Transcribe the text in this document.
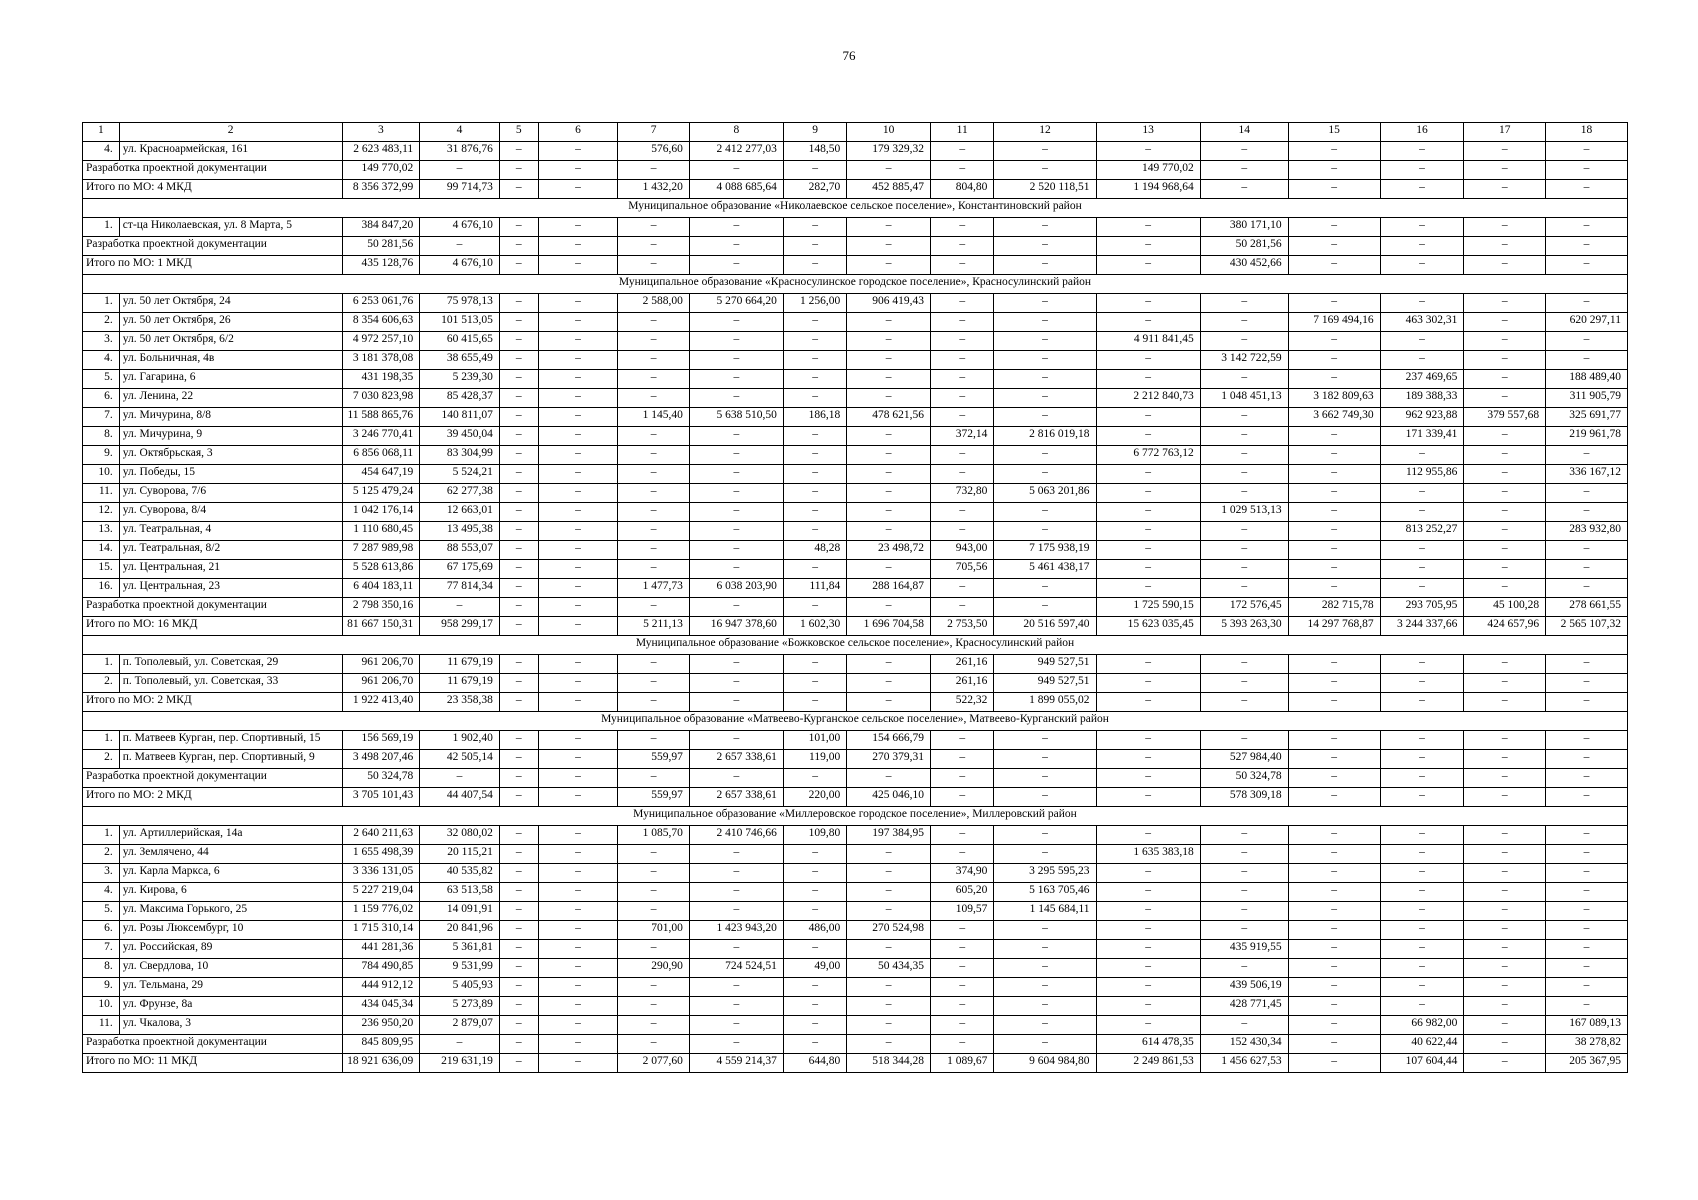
76
1	2	3	4	5	6	7	8	9	10	11	12	13	14	15	16	17	18
4.	ул. Красноармейская, 161	2 623 483,11	31 876,76	–	–	576,60	2 412 277,03	148,50	179 329,32	–	–	–	–	–	–	–	–
Разработка проектной документации		149 770,02	–	–	–	–	–	–	–	–	–	149 770,02	–	–	–	–	–
Итого по МО: 4 МКД		8 356 372,99	99 714,73	–	–	1 432,20	4 088 685,64	282,70	452 885,47	804,80	2 520 118,51	1 194 968,64	–	–	–	–	–
Муниципальное образование «Николаевское сельское поселение», Константиновский район																	
1.	ст-ца Николаевская, ул. 8 Марта, 5	384 847,20	4 676,10	–	–	–	–	–	–	–	–	–	380 171,10	–	–	–	–
Разработка проектной документации		50 281,56	–	–	–	–	–	–	–	–	–	–	50 281,56	–	–	–	–
Итого по МО: 1 МКД		435 128,76	4 676,10	–	–	–	–	–	–	–	–	–	430 452,66	–	–	–	–
Муниципальное образование «Красносулинское городское поселение», Красносулинский район																	
1.	ул. 50 лет Октября, 24	6 253 061,76	75 978,13	–	–	2 588,00	5 270 664,20	1 256,00	906 419,43	–	–	–	–	–	–	–	–
2.	ул. 50 лет Октября, 26	8 354 606,63	101 513,05	–	–	–	–	–	–	–	–	–	–	7 169 494,16	463 302,31	–	620 297,11
3.	ул. 50 лет Октября, 6/2	4 972 257,10	60 415,65	–	–	–	–	–	–	–	–	4 911 841,45	–	–	–	–	–
4.	ул. Больничная, 4в	3 181 378,08	38 655,49	–	–	–	–	–	–	–	–	–	3 142 722,59	–	–	–	–
5.	ул. Гагарина, 6	431 198,35	5 239,30	–	–	–	–	–	–	–	–	–	–	–	237 469,65	–	188 489,40
6.	ул. Ленина, 22	7 030 823,98	85 428,37	–	–	–	–	–	–	–	–	2 212 840,73	1 048 451,13	3 182 809,63	189 388,33	–	311 905,79
7.	ул. Мичурина, 8/8	11 588 865,76	140 811,07	–	–	1 145,40	5 638 510,50	186,18	478 621,56	–	–	–	–	3 662 749,30	962 923,88	379 557,68	325 691,77
8.	ул. Мичурина, 9	3 246 770,41	39 450,04	–	–	–	–	–	–	372,14	2 816 019,18	–	–	–	171 339,41	–	219 961,78
9.	ул. Октябрьская, 3	6 856 068,11	83 304,99	–	–	–	–	–	–	–	–	6 772 763,12	–	–	–	–	–
10.	ул. Победы, 15	454 647,19	5 524,21	–	–	–	–	–	–	–	–	–	–	–	112 955,86	–	336 167,12
11.	ул. Суворова, 7/6	5 125 479,24	62 277,38	–	–	–	–	–	–	732,80	5 063 201,86	–	–	–	–	–	–
12.	ул. Суворова, 8/4	1 042 176,14	12 663,01	–	–	–	–	–	–	–	–	–	1 029 513,13	–	–	–	–
13.	ул. Театральная, 4	1 110 680,45	13 495,38	–	–	–	–	–	–	–	–	–	–	–	813 252,27	–	283 932,80
14.	ул. Театральная, 8/2	7 287 989,98	88 553,07	–	–	–	–	48,28	23 498,72	943,00	7 175 938,19	–	–	–	–	–	–
15.	ул. Центральная, 21	5 528 613,86	67 175,69	–	–	–	–	–	–	705,56	5 461 438,17	–	–	–	–	–	–
16.	ул. Центральная, 23	6 404 183,11	77 814,34	–	–	1 477,73	6 038 203,90	111,84	288 164,87	–	–	–	–	–	–	–	–
Разработка проектной документации		2 798 350,16	–	–	–	–	–	–	–	–	–	1 725 590,15	172 576,45	282 715,78	293 705,95	45 100,28	278 661,55
Итого по МО: 16 МКД		81 667 150,31	958 299,17	–	–	5 211,13	16 947 378,60	1 602,30	1 696 704,58	2 753,50	20 516 597,40	15 623 035,45	5 393 263,30	14 297 768,87	3 244 337,66	424 657,96	2 565 107,32
Муниципальное образование «Божковское сельское поселение», Красносулинский район																	
1.	п. Тополевый, ул. Советская, 29	961 206,70	11 679,19	–	–	–	–	–	–	261,16	949 527,51	–	–	–	–	–	–
2.	п. Тополевый, ул. Советская, 33	961 206,70	11 679,19	–	–	–	–	–	–	261,16	949 527,51	–	–	–	–	–	–
Итого по МО: 2 МКД		1 922 413,40	23 358,38	–	–	–	–	–	–	522,32	1 899 055,02	–	–	–	–	–	–
Муниципальное образование «Матвеево-Курганское сельское поселение», Матвеево-Курганский район																	
1.	п. Матвеев Курган, пер. Спортивный, 15	156 569,19	1 902,40	–	–	–	–	101,00	154 666,79	–	–	–	–	–	–	–	–
2.	п. Матвеев Курган, пер. Спортивный, 9	3 498 207,46	42 505,14	–	–	559,97	2 657 338,61	119,00	270 379,31	–	–	–	527 984,40	–	–	–	–
Разработка проектной документации		50 324,78	–	–	–	–	–	–	–	–	–	–	50 324,78	–	–	–	–
Итого по МО: 2 МКД		3 705 101,43	44 407,54	–	–	559,97	2 657 338,61	220,00	425 046,10	–	–	–	578 309,18	–	–	–	–
Муниципальное образование «Миллеровское городское поселение», Миллеровский район																	
1.	ул. Артиллерийская, 14а	2 640 211,63	32 080,02	–	–	1 085,70	2 410 746,66	109,80	197 384,95	–	–	–	–	–	–	–	–
2.	ул. Землячено, 44	1 655 498,39	20 115,21	–	–	–	–	–	–	–	–	1 635 383,18	–	–	–	–	–
3.	ул. Карла Маркса, 6	3 336 131,05	40 535,82	–	–	–	–	–	–	374,90	3 295 595,23	–	–	–	–	–	–
4.	ул. Кирова, 6	5 227 219,04	63 513,58	–	–	–	–	–	–	605,20	5 163 705,46	–	–	–	–	–	–
5.	ул. Максима Горького, 25	1 159 776,02	14 091,91	–	–	–	–	–	–	109,57	1 145 684,11	–	–	–	–	–	–
6.	ул. Розы Люксембург, 10	1 715 310,14	20 841,96	–	–	701,00	1 423 943,20	486,00	270 524,98	–	–	–	–	–	–	–	–
7.	ул. Российская, 89	441 281,36	5 361,81	–	–	–	–	–	–	–	–	–	435 919,55	–	–	–	–
8.	ул. Свердлова, 10	784 490,85	9 531,99	–	–	290,90	724 524,51	49,00	50 434,35	–	–	–	–	–	–	–	–
9.	ул. Тельмана, 29	444 912,12	5 405,93	–	–	–	–	–	–	–	–	–	439 506,19	–	–	–	–
10.	ул. Фрунзе, 8а	434 045,34	5 273,89	–	–	–	–	–	–	–	–	–	428 771,45	–	–	–	–
11.	ул. Чкалова, 3	236 950,20	2 879,07	–	–	–	–	–	–	–	–	–	–	–	66 982,00	–	167 089,13
Разработка проектной документации		845 809,95	–	–	–	–	–	–	–	–	–	614 478,35	152 430,34	–	40 622,44	–	38 278,82
Итого по МО: 11 МКД		18 921 636,09	219 631,19	–	–	2 077,60	4 559 214,37	644,80	518 344,28	1 089,67	9 604 984,80	2 249 861,53	1 456 627,53	–	107 604,44	–	205 367,95
